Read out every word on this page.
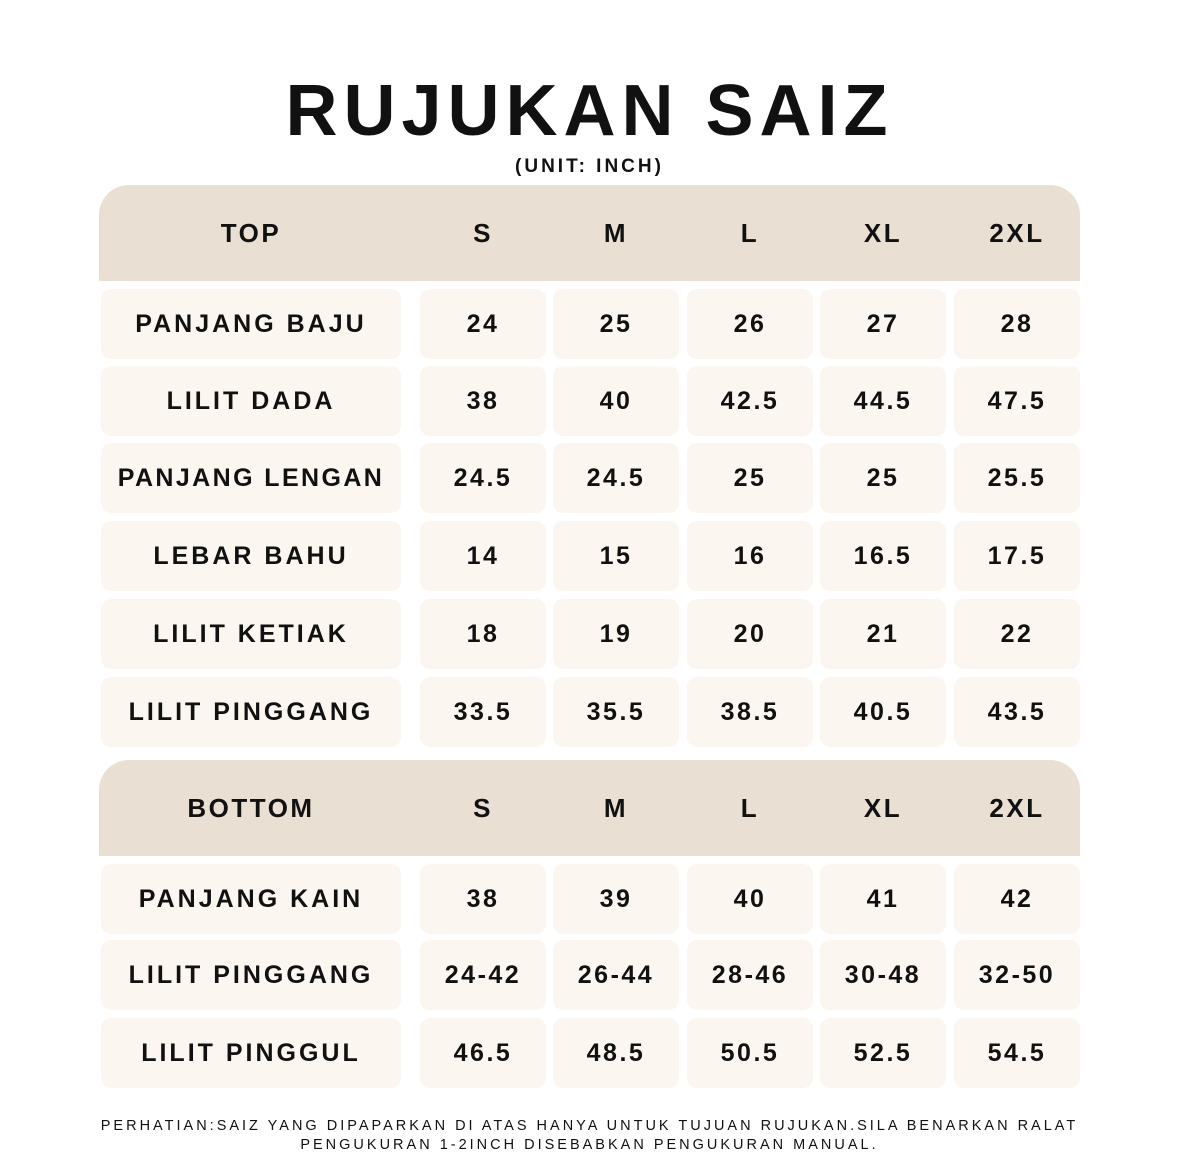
RUJUKAN SAIZ
(UNIT: INCH)
TOP	S	M	L	XL	2XL
PANJANG BAJU	24	25	26	27	28
LILIT DADA	38	40	42.5	44.5	47.5
PANJANG LENGAN	24.5	24.5	25	25	25.5
LEBAR BAHU	14	15	16	16.5	17.5
LILIT KETIAK	18	19	20	21	22
LILIT PINGGANG	33.5	35.5	38.5	40.5	43.5
BOTTOM	S	M	L	XL	2XL
PANJANG KAIN	38	39	40	41	42
LILIT PINGGANG	24-42	26-44	28-46	30-48	32-50
LILIT PINGGUL	46.5	48.5	50.5	52.5	54.5
PERHATIAN:SAIZ YANG DIPAPARKAN DI ATAS HANYA UNTUK TUJUAN RUJUKAN.SILA BENARKAN RALAT
PENGUKURAN 1-2INCH DISEBABKAN PENGUKURAN MANUAL.
